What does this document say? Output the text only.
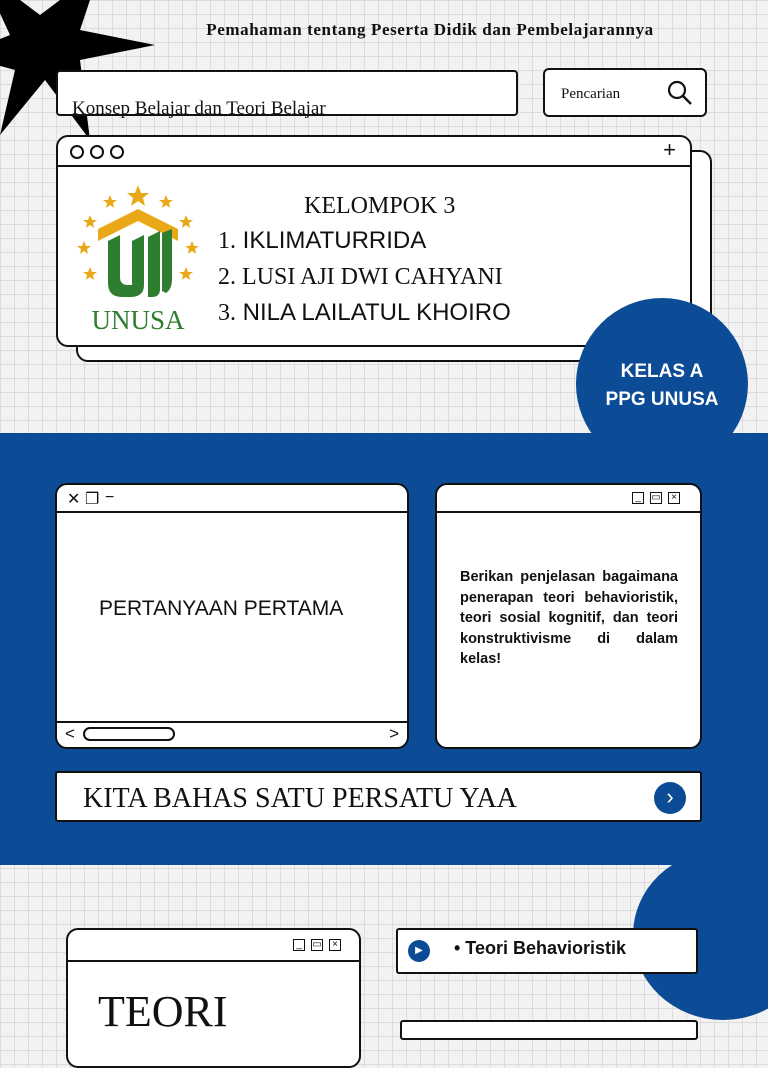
Pemahaman tentang Peserta Didik dan Pembelajarannya
Konsep Belajar dan Teori Belajar
Pencarian
+
UNUSA
KELOMPOK 3
1. IKLIMATURRIDA
2. LUSI AJI DWI CAHYANI
3. NILA LAILATUL KHOIRO
KELAS A
PPG UNUSA
✕ ❐ −
PERTANYAAN PERTAMA
<	>
_	▭	×
Berikan penjelasan bagaimana penerapan teori behavioristik, teori sosial kognitif, dan teori konstruktivisme di dalam kelas!
KITA BAHAS SATU PERSATU YAA	›
_	▭	×
TEORI
▶	• Teori Behavioristik
